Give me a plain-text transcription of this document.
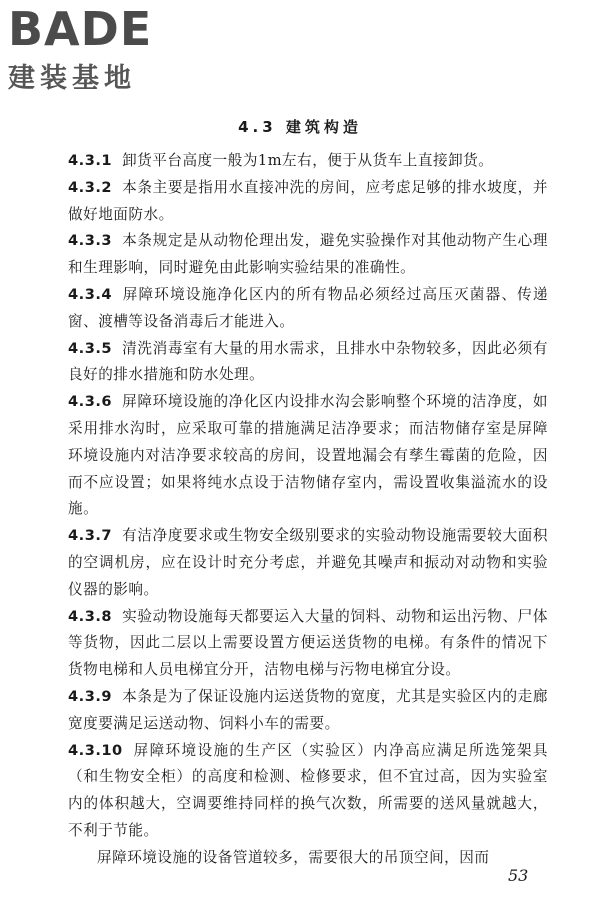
BADE
建装基地
4.3 建筑构造

4.3.1 卸货平台高度一般为1m左右，便于从货车上直接卸货。

4.3.2 本条主要是指用水直接冲洗的房间，应考虑足够的排水坡度，并做好地面防水。

4.3.3 本条规定是从动物伦理出发，避免实验操作对其他动物产生心理和生理影响，同时避免由此影响实验结果的准确性。

4.3.4 屏障环境设施净化区内的所有物品必须经过高压灭菌器、传递窗、渡槽等设备消毒后才能进入。

4.3.5 清洗消毒室有大量的用水需求，且排水中杂物较多，因此必须有良好的排水措施和防水处理。

4.3.6 屏障环境设施的净化区内设排水沟会影响整个环境的洁净度，如采用排水沟时，应采取可靠的措施满足洁净要求；而洁物储存室是屏障环境设施内对洁净要求较高的房间，设置地漏会有孳生霉菌的危险，因而不应设置；如果将纯水点设于洁物储存室内，需设置收集溢流水的设施。

4.3.7 有洁净度要求或生物安全级别要求的实验动物设施需要较大面积的空调机房，应在设计时充分考虑，并避免其噪声和振动对动物和实验仪器的影响。

4.3.8 实验动物设施每天都要运入大量的饲料、动物和运出污物、尸体等货物，因此二层以上需要设置方便运送货物的电梯。有条件的情况下货物电梯和人员电梯宜分开，洁物电梯与污物电梯宜分设。

4.3.9 本条是为了保证设施内运送货物的宽度，尤其是实验区内的走廊宽度要满足运送动物、饲料小车的需要。

4.3.10 屏障环境设施的生产区（实验区）内净高应满足所选笼架具（和生物安全柜）的高度和检测、检修要求，但不宜过高，因为实验室内的体积越大，空调要维持同样的换气次数，所需要的送风量就越大，不利于节能。

屏障环境设施的设备管道较多，需要很大的吊顶空间，因而

53
